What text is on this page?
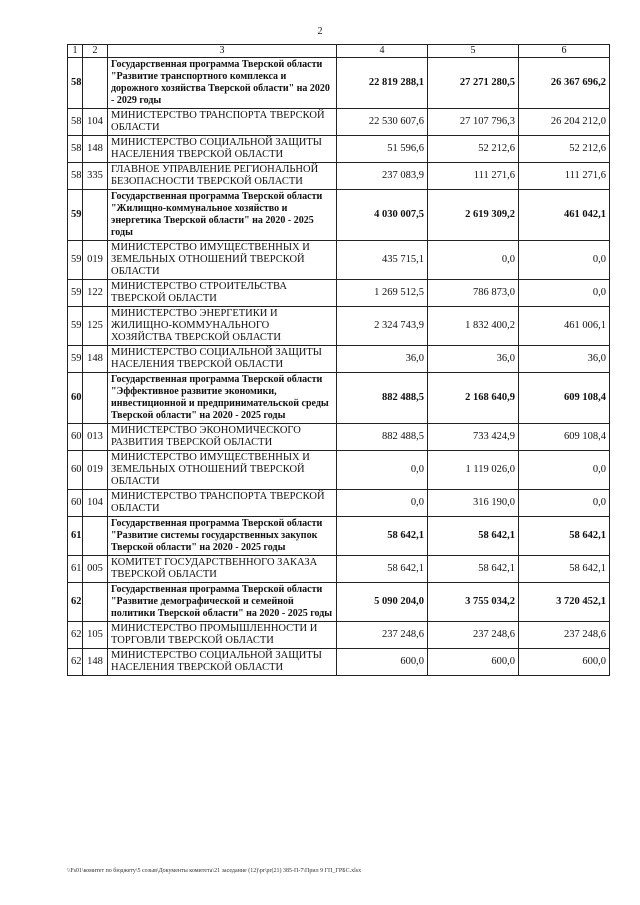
2
1	2	3	4	5	6
58		Государственная программа Тверской области "Развитие транспортного комплекса и дорожного хозяйства Тверской области" на 2020 - 2029 годы	22 819 288,1	27 271 280,5	26 367 696,2
58	104	МИНИСТЕРСТВО ТРАНСПОРТА ТВЕРСКОЙ ОБЛАСТИ	22 530 607,6	27 107 796,3	26 204 212,0
58	148	МИНИСТЕРСТВО СОЦИАЛЬНОЙ ЗАЩИТЫ НАСЕЛЕНИЯ ТВЕРСКОЙ ОБЛАСТИ	51 596,6	52 212,6	52 212,6
58	335	ГЛАВНОЕ УПРАВЛЕНИЕ РЕГИОНАЛЬНОЙ БЕЗОПАСНОСТИ ТВЕРСКОЙ ОБЛАСТИ	237 083,9	111 271,6	111 271,6
59		Государственная программа Тверской области "Жилищно-коммунальное хозяйство и энергетика Тверской области" на 2020 - 2025 годы	4 030 007,5	2 619 309,2	461 042,1
59	019	МИНИСТЕРСТВО ИМУЩЕСТВЕННЫХ И ЗЕМЕЛЬНЫХ ОТНОШЕНИЙ ТВЕРСКОЙ ОБЛАСТИ	435 715,1	0,0	0,0
59	122	МИНИСТЕРСТВО СТРОИТЕЛЬСТВА ТВЕРСКОЙ ОБЛАСТИ	1 269 512,5	786 873,0	0,0
59	125	МИНИСТЕРСТВО ЭНЕРГЕТИКИ И ЖИЛИЩНО-КОММУНАЛЬНОГО ХОЗЯЙСТВА ТВЕРСКОЙ ОБЛАСТИ	2 324 743,9	1 832 400,2	461 006,1
59	148	МИНИСТЕРСТВО СОЦИАЛЬНОЙ ЗАЩИТЫ НАСЕЛЕНИЯ ТВЕРСКОЙ ОБЛАСТИ	36,0	36,0	36,0
60		Государственная программа Тверской области "Эффективное развитие экономики, инвестиционной и предпринимательской среды Тверской области" на 2020 - 2025 годы	882 488,5	2 168 640,9	609 108,4
60	013	МИНИСТЕРСТВО ЭКОНОМИЧЕСКОГО РАЗВИТИЯ ТВЕРСКОЙ ОБЛАСТИ	882 488,5	733 424,9	609 108,4
60	019	МИНИСТЕРСТВО ИМУЩЕСТВЕННЫХ И ЗЕМЕЛЬНЫХ ОТНОШЕНИЙ ТВЕРСКОЙ ОБЛАСТИ	0,0	1 119 026,0	0,0
60	104	МИНИСТЕРСТВО ТРАНСПОРТА ТВЕРСКОЙ ОБЛАСТИ	0,0	316 190,0	0,0
61		Государственная программа Тверской области "Развитие системы государственных закупок Тверской области" на 2020 - 2025 годы	58 642,1	58 642,1	58 642,1
61	005	КОМИТЕТ ГОСУДАРСТВЕННОГО ЗАКАЗА ТВЕРСКОЙ ОБЛАСТИ	58 642,1	58 642,1	58 642,1
62		Государственная программа Тверской области "Развитие демографической и семейной политики Тверской области" на 2020 - 2025 годы	5 090 204,0	3 755 034,2	3 720 452,1
62	105	МИНИСТЕРСТВО ПРОМЫШЛЕННОСТИ И ТОРГОВЛИ ТВЕРСКОЙ ОБЛАСТИ	237 248,6	237 248,6	237 248,6
62	148	МИНИСТЕРСТВО СОЦИАЛЬНОЙ ЗАЩИТЫ НАСЕЛЕНИЯ ТВЕРСКОЙ ОБЛАСТИ	600,0	600,0	600,0
\\Fs01\комитет по бюджету\5 созыв\Документы комитета\21 заседание (12)\pr\pr(21) 385-П-7\Прил 9 ГП_ГРБС.xlsx
